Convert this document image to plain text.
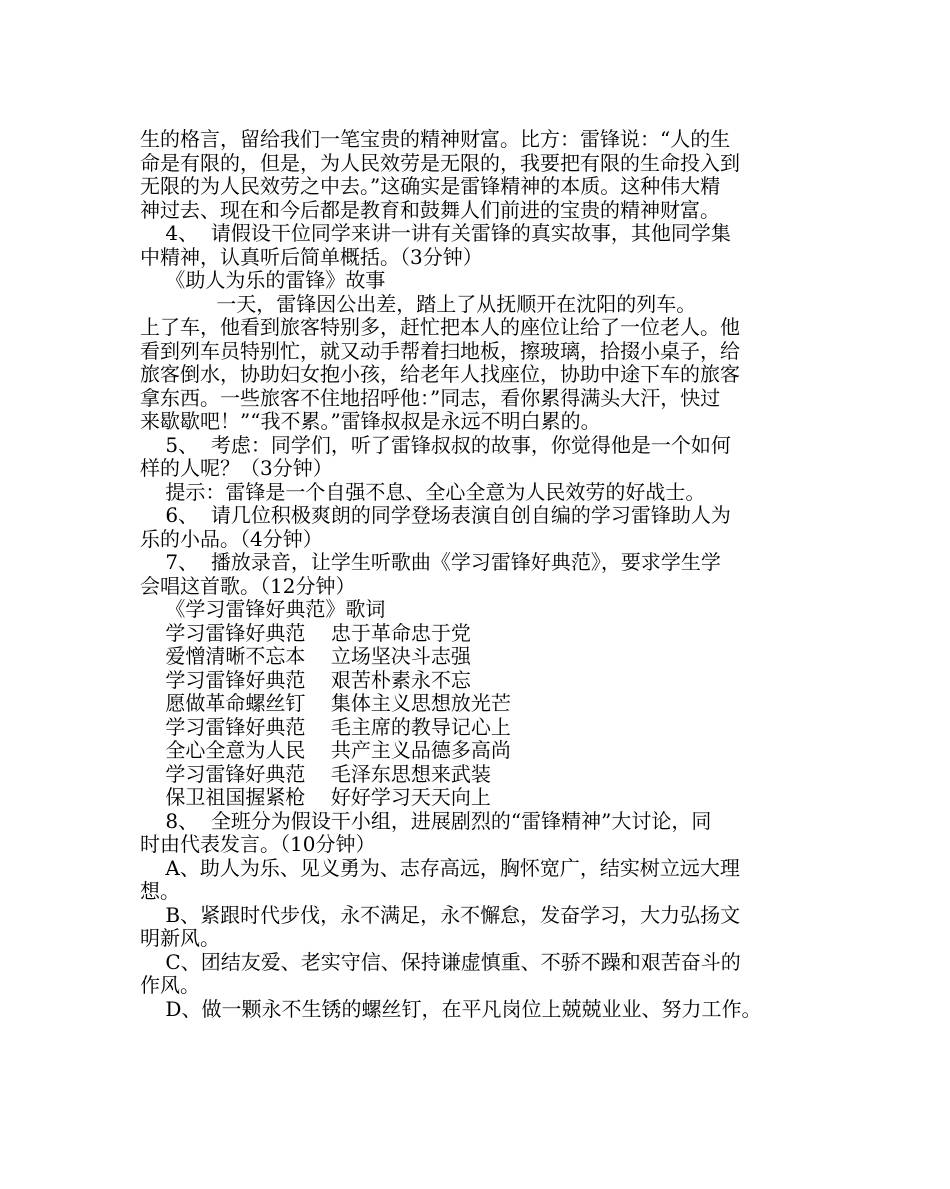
生的格言，留给我们一笔宝贵的精神财富。比方：雷锋说：“人的生

命是有限的，但是，为人民效劳是无限的，我要把有限的生命投入到

无限的为人民效劳之中去。”这确实是雷锋精神的本质。这种伟大精

神过去、现在和今后都是教育和鼓舞人们前进的宝贵的精神财富。

4、  请假设干位同学来讲一讲有关雷锋的真实故事，其他同学集

中精神，认真听后简单概括。（3分钟）

《助人为乐的雷锋》故事

一天，雷锋因公出差，踏上了从抚顺开在沈阳的列车。

上了车，他看到旅客特别多，赶忙把本人的座位让给了一位老人。他

看到列车员特别忙，就又动手帮着扫地板，擦玻璃，拾掇小桌子，给

旅客倒水，协助妇女抱小孩，给老年人找座位，协助中途下车的旅客

拿东西。一些旅客不住地招呼他：”同志，看你累得满头大汗，快过

来歇歇吧！”“我不累。”雷锋叔叔是永远不明白累的。

5、  考虑：同学们，听了雷锋叔叔的故事，你觉得他是一个如何

样的人呢？（3分钟）

提示：雷锋是一个自强不息、全心全意为人民效劳的好战士。

6、  请几位积极爽朗的同学登场表演自创自编的学习雷锋助人为

乐的小品。（4分钟）

7、  播放录音，让学生听歌曲《学习雷锋好典范》，要求学生学

会唱这首歌。（12分钟）

《学习雷锋好典范》歌词

学习雷锋好典范    忠于革命忠于党

爱憎清晰不忘本    立场坚决斗志强

学习雷锋好典范    艰苦朴素永不忘

愿做革命螺丝钉    集体主义思想放光芒

学习雷锋好典范    毛主席的教导记心上

全心全意为人民    共产主义品德多高尚

学习雷锋好典范    毛泽东思想来武装

保卫祖国握紧枪    好好学习天天向上

8、  全班分为假设干小组，进展剧烈的“雷锋精神”大讨论，同

时由代表发言。（10分钟）

A、助人为乐、见义勇为、志存高远，胸怀宽广，结实树立远大理

想。

B、紧跟时代步伐，永不满足，永不懈怠，发奋学习，大力弘扬文

明新风。

C、团结友爱、老实守信、保持谦虚慎重、不骄不躁和艰苦奋斗的

作风。

D、做一颗永不生锈的螺丝钉，在平凡岗位上兢兢业业、努力工作。
